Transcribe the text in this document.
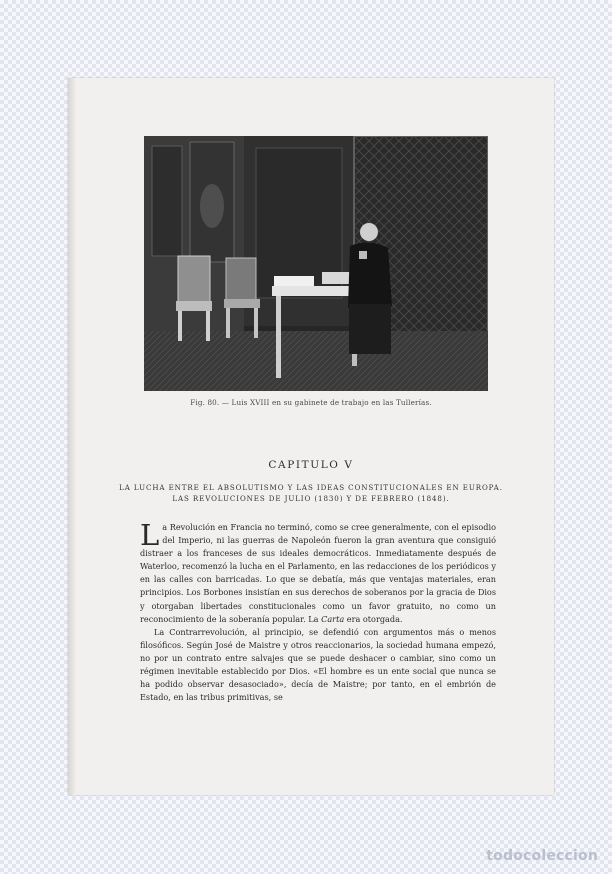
Fig. 80. — Luis XVIII en su gabinete de trabajo en las Tullerías.
CAPITULO V
LA LUCHA ENTRE EL ABSOLUTISMO Y LAS IDEAS CONSTITUCIONALES EN EUROPA.
LAS REVOLUCIONES DE JULIO (1830) Y DE FEBRERO (1848).

La Revolución en Francia no terminó, como se cree generalmente, con el episodio del Imperio, ni las guerras de Napoleón fueron la gran aventura que consiguió distraer a los franceses de sus ideales democráticos. Inmediatamente después de Waterloo, recomenzó la lucha en el Parlamento, en las redacciones de los periódicos y en las calles con barricadas. Lo que se debatía, más que ventajas materiales, eran principios. Los Borbones insistían en sus derechos de soberanos por la gracia de Dios y otorgaban libertades constitucionales como un favor gratuito, no como un reconocimiento de la soberanía popular. La Carta era otorgada.

La Contrarrevolución, al principio, se defendió con argumentos más o menos filosóficos. Según José de Maistre y otros reaccionarios, la sociedad humana empezó, no por un contrato entre salvajes que se puede deshacer o cambiar, sino como un régimen inevitable establecido por Dios. «El hombre es un ente social que nunca se ha podido observar desasociado», decía de Maistre; por tanto, en el embrión de Estado, en las tribus primitivas, se

todocoleccion
